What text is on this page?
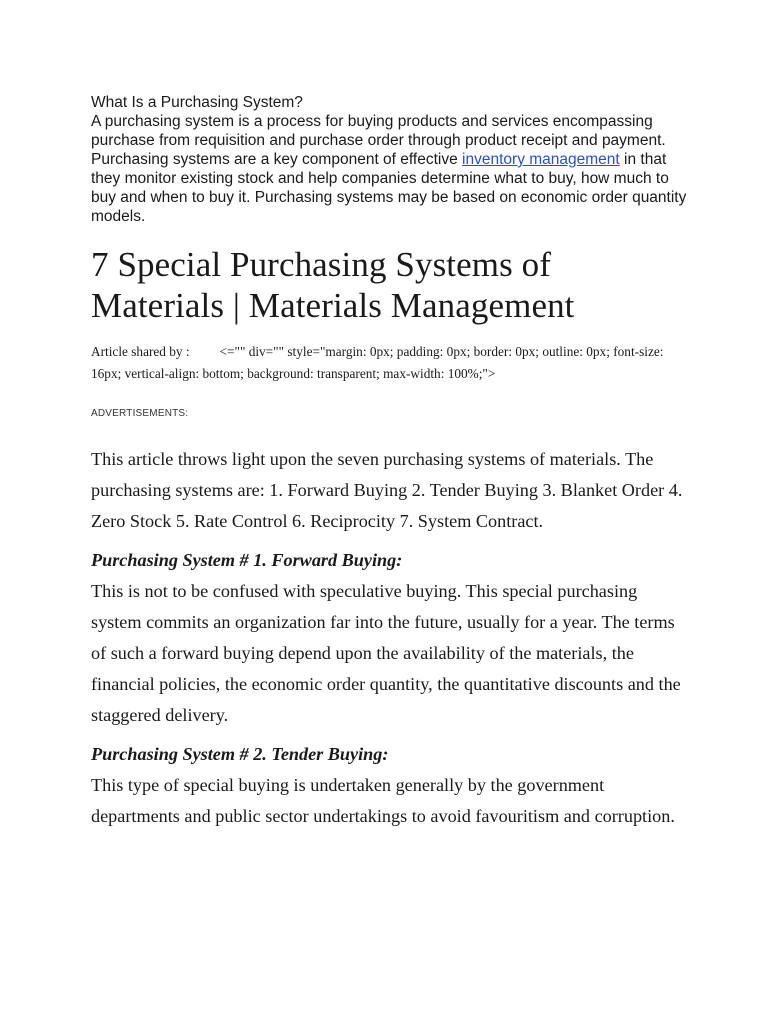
What Is a Purchasing System?

A purchasing system is a process for buying products and services encompassing purchase from requisition and purchase order through product receipt and payment. Purchasing systems are a key component of effective inventory management in that they monitor existing stock and help companies determine what to buy, how much to buy and when to buy it. Purchasing systems may be based on economic order quantity models.

7 Special Purchasing Systems of Materials | Materials Management

Article shared by : <="" div="" style="margin: 0px; padding: 0px; border: 0px; outline: 0px; font-size: 16px; vertical-align: bottom; background: transparent; max-width: 100%;">

ADVERTISEMENTS:

This article throws light upon the seven purchasing systems of materials. The purchasing systems are: 1. Forward Buying 2. Tender Buying 3. Blanket Order 4. Zero Stock 5. Rate Control 6. Reciprocity 7. System Contract.

Purchasing System # 1. Forward Buying:

This is not to be confused with speculative buying. This special purchasing system commits an organization far into the future, usually for a year. The terms of such a forward buying depend upon the availability of the materials, the financial policies, the economic order quantity, the quantitative discounts and the staggered delivery.

Purchasing System # 2. Tender Buying:

This type of special buying is undertaken generally by the government departments and public sector undertakings to avoid favouritism and corruption.
